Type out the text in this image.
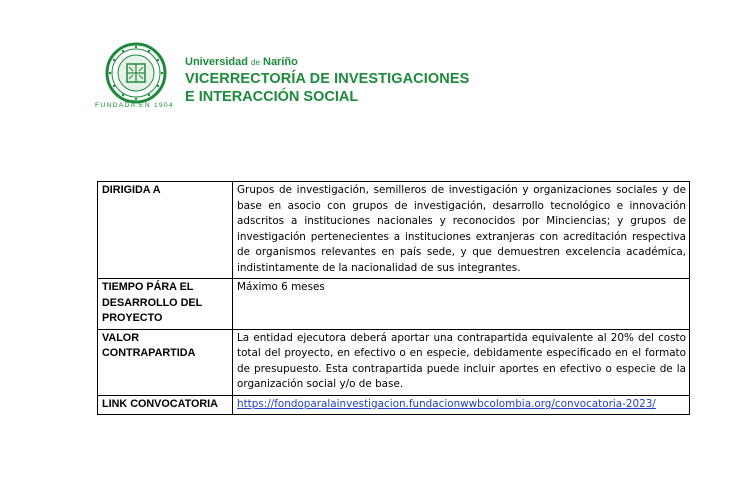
FUNDADA EN 1904
Universidad de Nariño
VICERRECTORÍA DE INVESTIGACIONES
E INTERACCIÓN SOCIAL
DIRIGIDA A	Grupos de investigación, semilleros de investigación y organizaciones sociales y de base en asocio con grupos de investigación, desarrollo tecnológico e innovación adscritos a instituciones nacionales y reconocidos por Minciencias; y grupos de investigación pertenecientes a instituciones extranjeras con acreditación respectiva de organismos relevantes en país sede, y que demuestren excelencia académica, indistintamente de la nacionalidad de sus integrantes.
TIEMPO PÁRA EL DESARROLLO DEL PROYECTO	Máximo 6 meses
VALOR CONTRAPARTIDA	La entidad ejecutora deberá aportar una contrapartida equivalente al 20% del costo total del proyecto, en efectivo o en especie, debidamente especificado en el formato de presupuesto. Esta contrapartida puede incluir aportes en efectivo o especie de la organización social y/o de base.
LINK CONVOCATORIA	https://fondoparalainvestigacion.fundacionwwbcolombia.org/convocatoria-2023/
